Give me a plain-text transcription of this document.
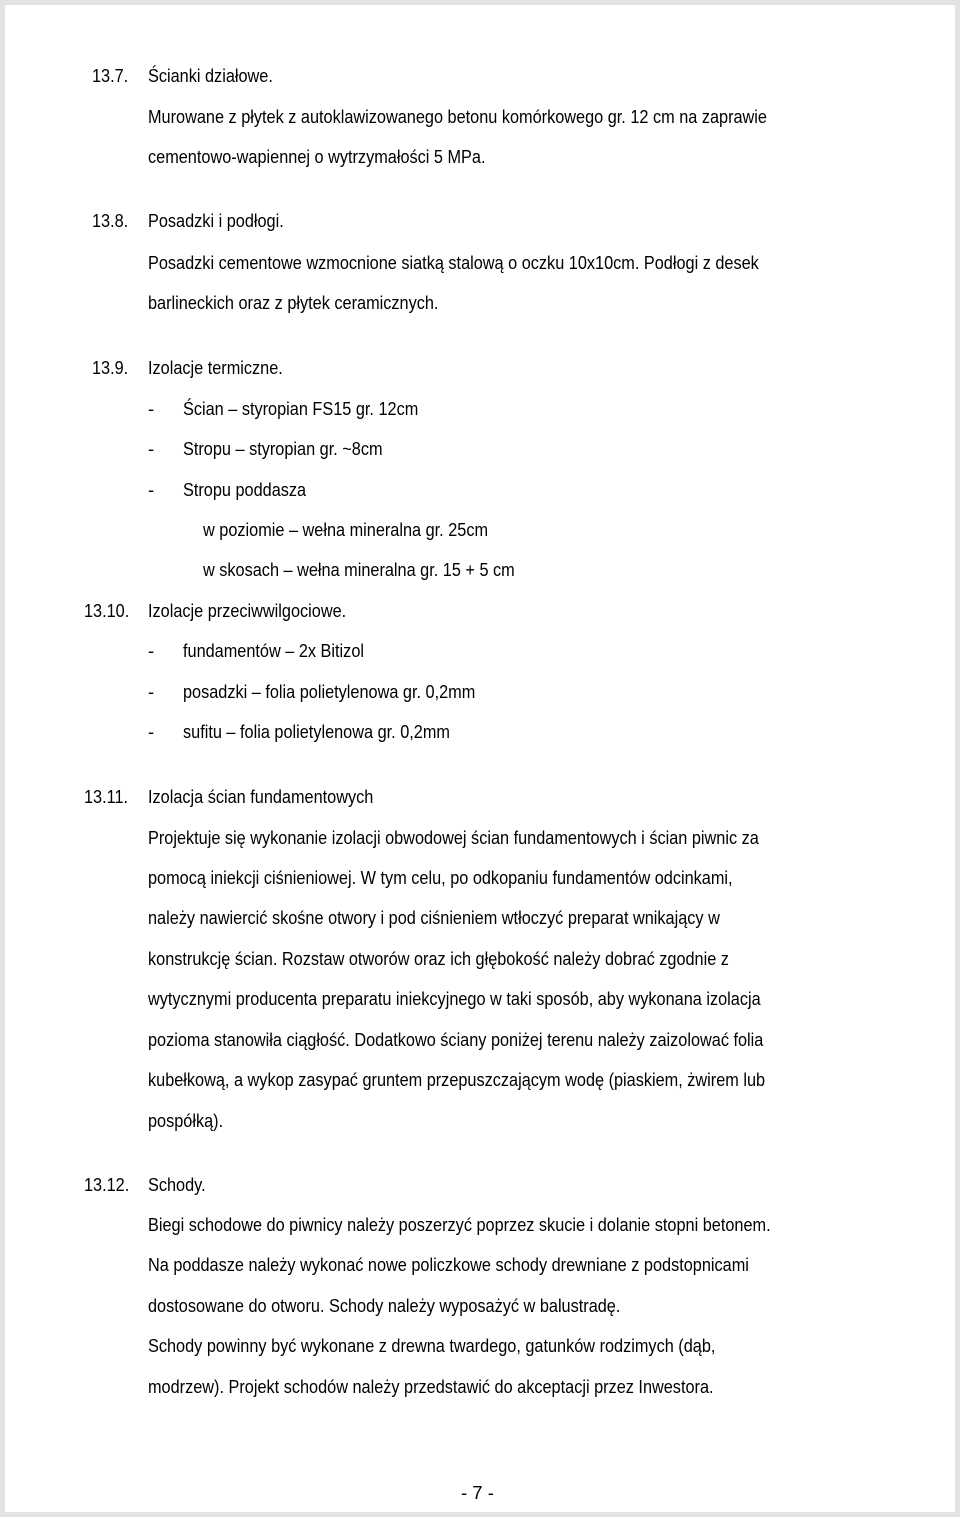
13.7. Ścianki działowe.
Murowane z płytek z autoklawizowanego betonu komórkowego gr. 12 cm na zaprawie
cementowo-wapiennej o wytrzymałości 5 MPa.
13.8. Posadzki i podłogi.
Posadzki cementowe wzmocnione siatką stalową o oczku 10x10cm. Podłogi z desek
barlineckich oraz z płytek ceramicznych.
13.9. Izolacje termiczne.
- Ścian – styropian FS15 gr. 12cm
- Stropu – styropian gr. ~8cm
- Stropu poddasza
w poziomie – wełna mineralna gr. 25cm
w skosach – wełna mineralna gr. 15 + 5 cm
13.10. Izolacje przeciwwilgociowe.
- fundamentów – 2x Bitizol
- posadzki – folia polietylenowa gr. 0,2mm
- sufitu – folia polietylenowa gr. 0,2mm
13.11. Izolacja ścian fundamentowych
Projektuje się wykonanie izolacji obwodowej ścian fundamentowych i ścian piwnic za
pomocą iniekcji ciśnieniowej. W tym celu, po odkopaniu fundamentów odcinkami,
należy nawiercić skośne otwory i pod ciśnieniem wtłoczyć preparat wnikający w
konstrukcję ścian. Rozstaw otworów oraz ich głębokość należy dobrać zgodnie z
wytycznymi producenta preparatu iniekcyjnego w taki sposób, aby wykonana izolacja
pozioma stanowiła ciągłość. Dodatkowo ściany poniżej terenu należy zaizolować folia
kubełkową, a wykop zasypać gruntem przepuszczającym wodę (piaskiem, żwirem lub
pospółką).
13.12. Schody.
Biegi schodowe do piwnicy należy poszerzyć poprzez skucie i dolanie stopni betonem.
Na poddasze należy wykonać nowe policzkowe schody drewniane z podstopnicami
dostosowane do otworu. Schody należy wyposażyć w balustradę.
Schody powinny być wykonane z drewna twardego, gatunków rodzimych (dąb,
modrzew). Projekt schodów należy przedstawić do akceptacji przez Inwestora.
- 7 -
